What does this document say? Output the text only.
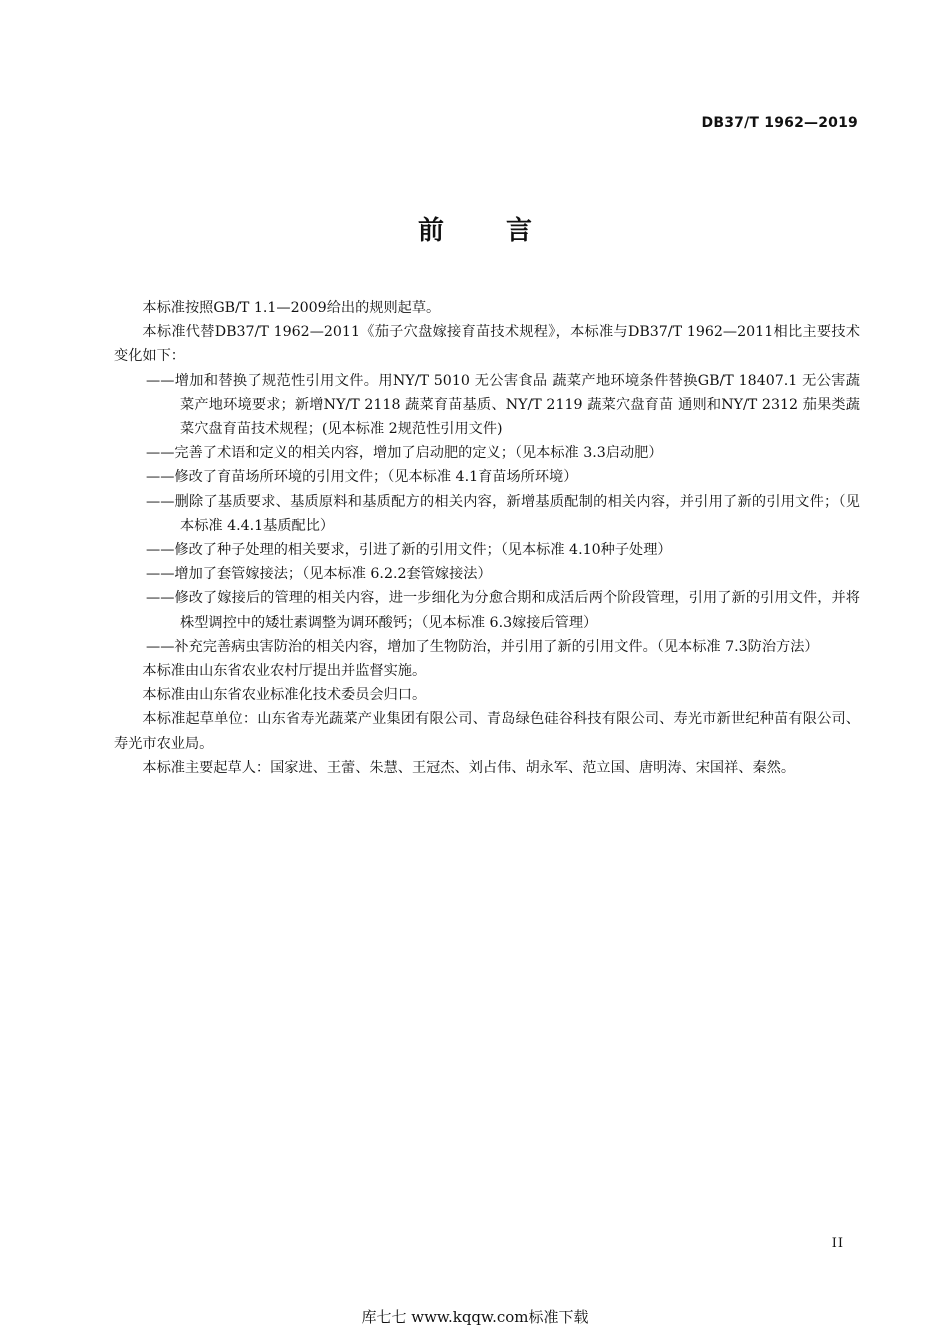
DB37/T 1962—2019
前 言

本标准按照GB/T 1.1—2009给出的规则起草。

本标准代替DB37/T 1962—2011《茄子穴盘嫁接育苗技术规程》，本标准与DB37/T 1962—2011相比主要技术变化如下：

——增加和替换了规范性引用文件。用NY/T 5010 无公害食品 蔬菜产地环境条件替换GB/T 18407.1 无公害蔬菜产地环境要求；新增NY/T 2118 蔬菜育苗基质、NY/T 2119 蔬菜穴盘育苗 通则和NY/T 2312 茄果类蔬菜穴盘育苗技术规程；(见本标准 2规范性引用文件)

——完善了术语和定义的相关内容，增加了启动肥的定义；（见本标准 3.3启动肥）

——修改了育苗场所环境的引用文件；（见本标准 4.1育苗场所环境）

——删除了基质要求、基质原料和基质配方的相关内容，新增基质配制的相关内容，并引用了新的引用文件；（见本标准 4.4.1基质配比）

——修改了种子处理的相关要求，引进了新的引用文件；（见本标准 4.10种子处理）

——增加了套管嫁接法；（见本标准 6.2.2套管嫁接法）

——修改了嫁接后的管理的相关内容，进一步细化为分愈合期和成活后两个阶段管理，引用了新的引用文件，并将株型调控中的矮壮素调整为调环酸钙；（见本标准 6.3嫁接后管理）

——补充完善病虫害防治的相关内容，增加了生物防治，并引用了新的引用文件。（见本标准 7.3防治方法）

本标准由山东省农业农村厅提出并监督实施。

本标准由山东省农业标准化技术委员会归口。

本标准起草单位：山东省寿光蔬菜产业集团有限公司、青岛绿色硅谷科技有限公司、寿光市新世纪种苗有限公司、寿光市农业局。

本标准主要起草人：国家进、王蕾、朱慧、王冠杰、刘占伟、胡永军、范立国、唐明涛、宋国祥、秦然。

II
库七七 www.kqqw.com标准下载
